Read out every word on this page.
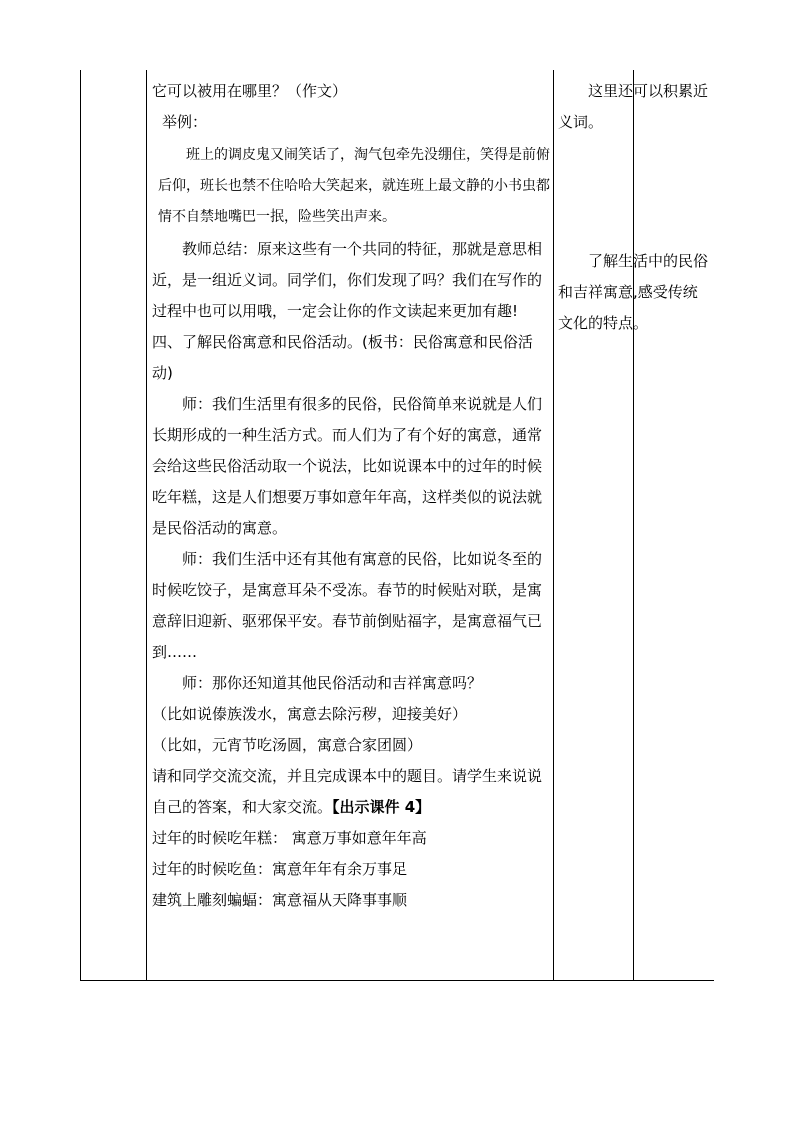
它可以被用在哪里？（作文）

举例：

班上的调皮鬼又闹笑话了，淘气包牵先没绷住，笑得是前俯后仰，班长也禁不住哈哈大笑起来，就连班上最文静的小书虫都情不自禁地嘴巴一抿，险些笑出声来。

教师总结：原来这些有一个共同的特征，那就是意思相近，是一组近义词。同学们，你们发现了吗？我们在写作的过程中也可以用哦，一定会让你的作文读起来更加有趣!

四、了解民俗寓意和民俗活动。(板书：民俗寓意和民俗活动)

师：我们生活里有很多的民俗，民俗简单来说就是人们长期形成的一种生活方式。而人们为了有个好的寓意，通常会给这些民俗活动取一个说法，比如说课本中的过年的时候吃年糕，这是人们想要万事如意年年高，这样类似的说法就是民俗活动的寓意。

师：我们生活中还有其他有寓意的民俗，比如说冬至的时候吃饺子，是寓意耳朵不受冻。春节的时候贴对联，是寓意辞旧迎新、驱邪保平安。春节前倒贴福字，是寓意福气已到……

师：那你还知道其他民俗活动和吉祥寓意吗？

（比如说傣族泼水，寓意去除污秽，迎接美好）

（比如，元宵节吃汤圆，寓意合家团圆）

请和同学交流交流，并且完成课本中的题目。请学生来说说自己的答案，和大家交流。【出示课件 4】

过年的时候吃年糕： 寓意万事如意年年高

过年的时候吃鱼：寓意年年有余万事足

建筑上雕刻蝙蝠：寓意福从天降事事顺

这里还可以积累近义词。

了解生活中的民俗和吉祥寓意,感受传统文化的特点。
